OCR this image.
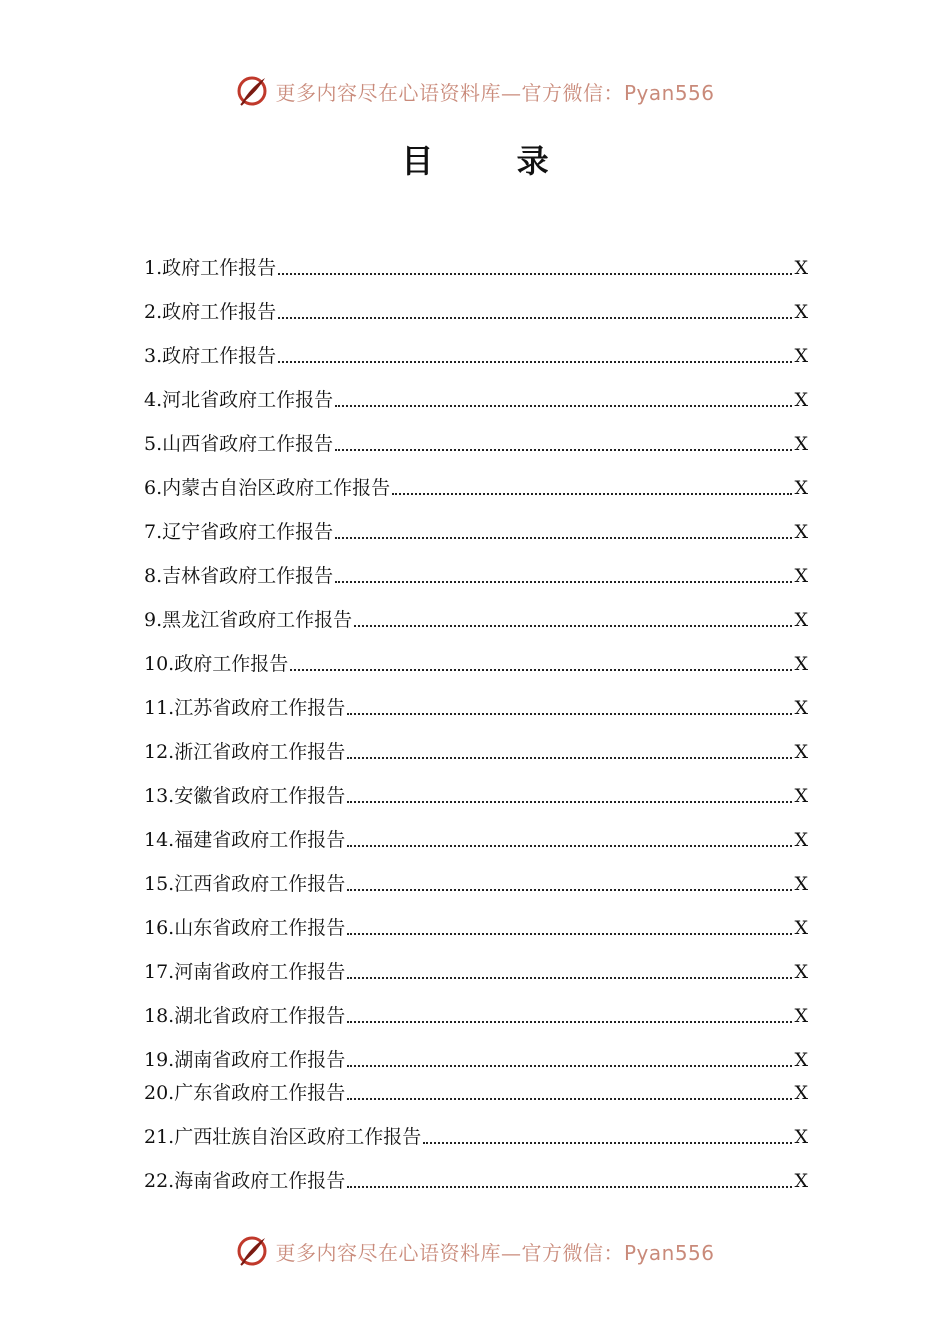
更多内容尽在心语资料库—官方微信：Pyan556
目 录
1.政府工作报告	X
2.政府工作报告	X
3.政府工作报告	X
4.河北省政府工作报告	X
5.山西省政府工作报告	X
6.内蒙古自治区政府工作报告	X
7.辽宁省政府工作报告	X
8.吉林省政府工作报告	X
9.黑龙江省政府工作报告	X
10.政府工作报告	X
11.江苏省政府工作报告	X
12.浙江省政府工作报告	X
13.安徽省政府工作报告	X
14.福建省政府工作报告	X
15.江西省政府工作报告	X
16.山东省政府工作报告	X
17.河南省政府工作报告	X
18.湖北省政府工作报告	X
19.湖南省政府工作报告	X
20.广东省政府工作报告	X
21.广西壮族自治区政府工作报告	X
22.海南省政府工作报告	X
更多内容尽在心语资料库—官方微信：Pyan556
